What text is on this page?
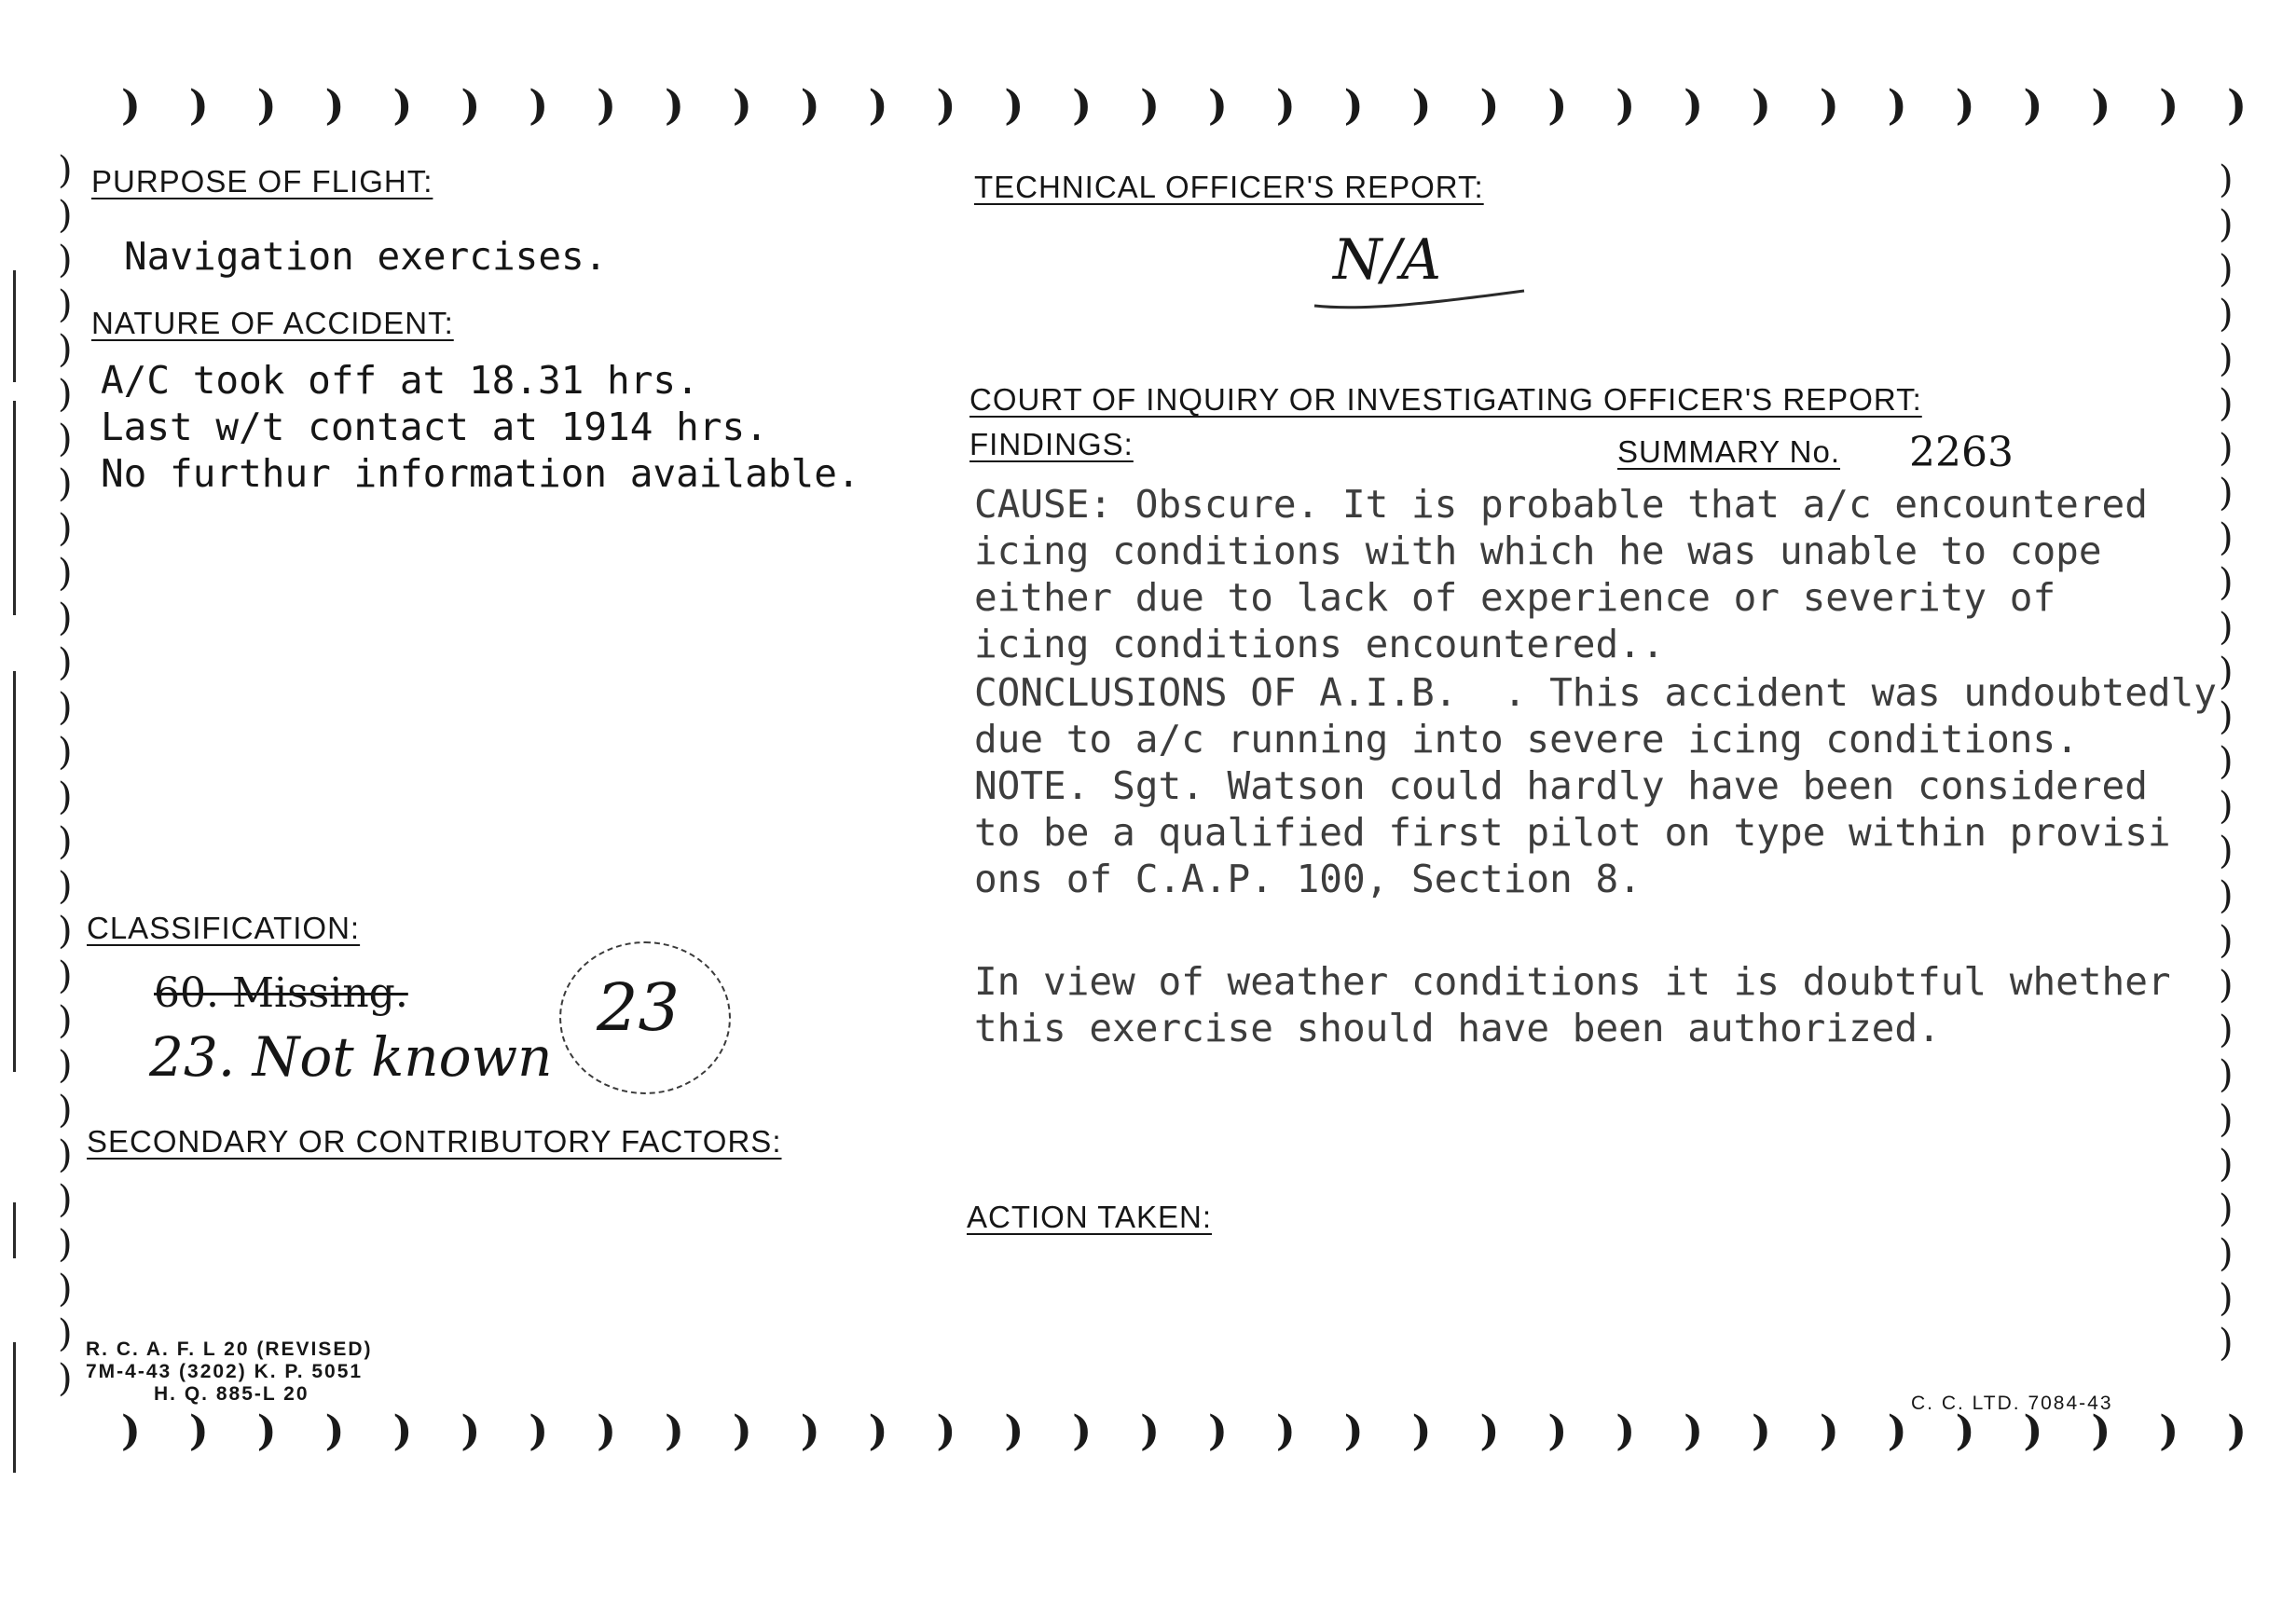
) ) ) ) ) ) ) ) ) ) ) ) ) ) ) ) ) ) ) ) ) ) ) ) ) ) ) ) ) ) ) )
) ) ) ) ) ) ) ) ) ) ) ) ) ) ) ) ) ) ) ) ) ) ) ) ) ) ) ) ) ) ) )
)
)
)
)
)
)
)
)
)
)
)
)
)
)
)
)
)
)
)
)
)
)
)
)
)
)
)
)
)
)
)
)
)
)
)
)
)
)
)
)
)
)
)
)
)
)
)
)
)
)
)
)
)
)
)
PURPOSE OF FLIGHT:
Navigation exercises.
NATURE OF ACCIDENT:
A/C took off at 18.31 hrs.
Last w/t contact at 1914 hrs.
No furthur information available.
CLASSIFICATION:
60. Missing.
23. Not known
23
SECONDARY OR CONTRIBUTORY FACTORS:
R. C. A. F. L 20 (REVISED)
7M-4-43 (3202) K. P. 5051
H. Q. 885-L 20
TECHNICAL OFFICER'S REPORT:
N/A
COURT OF INQUIRY OR INVESTIGATING OFFICER'S REPORT:
FINDINGS:	SUMMARY No. 2263
CAUSE: Obscure. It is probable that a/c encountered
icing conditions with which he was unable to cope
either due to lack of experience or severity of
icing conditions encountered..
CONCLUSIONS OF A.I.B.  . This accident was undoubtedly
due to a/c running into severe icing conditions.
NOTE. Sgt. Watson could hardly have been considered
to be a qualified first pilot on type within provisi
ons of C.A.P. 100, Section 8.
In view of weather conditions it is doubtful whether
this exercise should have been authorized.
ACTION TAKEN:
C. C. LTD. 7084-43
